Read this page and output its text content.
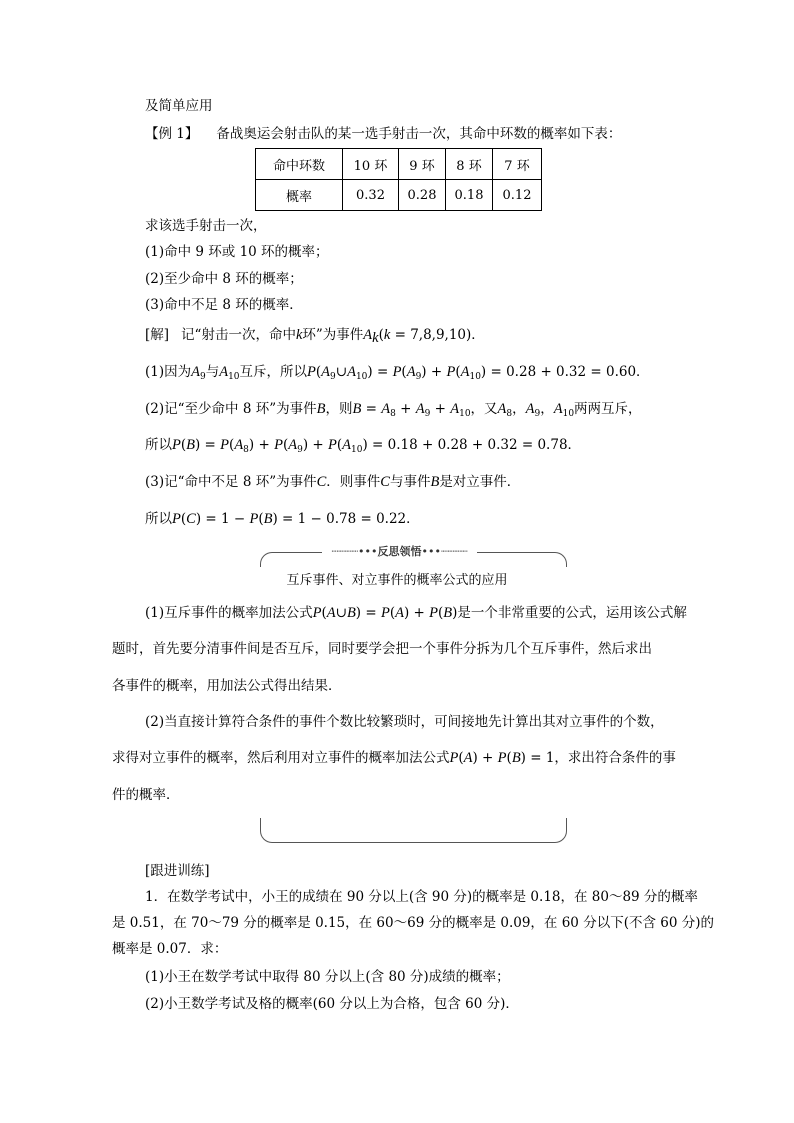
及简单应用
【例 1】 备战奥运会射击队的某一选手射击一次，其命中环数的概率如下表：
命中环数	10 环	9 环	8 环	7 环
概率	0.32	0.28	0.18	0.12
求该选手射击一次，
(1)命中 9 环或 10 环的概率；
(2)至少命中 8 环的概率；
(3)命中不足 8 环的概率．
[解] 记“射击一次，命中k环”为事件$A_k(k = 7,8,9,10)$．
(1)因为$A_9$与$A_{10}$互斥，所以$P(A_9\cup A_{10}) = P(A_9) + P(A_{10}) = 0.28 + 0.32 = 0.60$．
(2)记“至少命中 8 环”为事件B，则$B = A_8 + A_9 + A_{10}$，又$A_8$，$A_9$，$A_{10}$两两互斥，
所以$P(B) = P(A_8) + P(A_9) + P(A_{10}) = 0.18 + 0.28 + 0.32 = 0.78$．
(3)记“命中不足 8 环”为事件C．则事件C与事件B是对立事件．
所以P(C) = 1 − P(B) = 1 − 0.78 = 0.22．
┈┈┈┈•••反思领悟•••┈┈┈┈
互斥事件、对立事件的概率公式的应用
(1)互斥事件的概率加法公式P(A∪B) = P(A) + P(B)是一个非常重要的公式，运用该公式解
题时，首先要分清事件间是否互斥，同时要学会把一个事件分拆为几个互斥事件，然后求出
各事件的概率，用加法公式得出结果．
(2)当直接计算符合条件的事件个数比较繁琐时，可间接地先计算出其对立事件的个数，
求得对立事件的概率，然后利用对立事件的概率加法公式P(A) + P(B) = 1，求出符合条件的事
件的概率．
[跟进训练]
1．在数学考试中，小王的成绩在 90 分以上(含 90 分)的概率是 0.18，在 80～89 分的概率
是 0.51，在 70～79 分的概率是 0.15，在 60～69 分的概率是 0.09，在 60 分以下(不含 60 分)的
概率是 0.07．求：
(1)小王在数学考试中取得 80 分以上(含 80 分)成绩的概率；
(2)小王数学考试及格的概率(60 分以上为合格，包含 60 分)．
